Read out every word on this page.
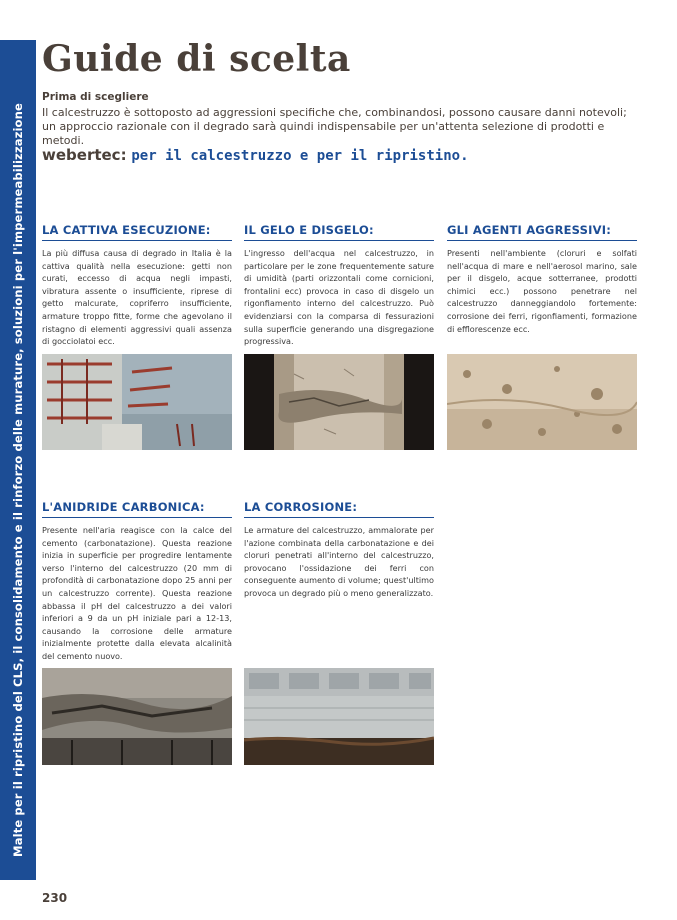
Malte per il ripristino del CLS, il consolidamento e il rinforzo delle murature, soluzioni per l'impermeabilizzazione
Guide di scelta
Prima di scegliere
Il calcestruzzo è sottoposto ad aggressioni specifiche che, combinandosi, possono causare danni notevoli; un approccio razionale con il degrado sarà quindi indispensabile per un'attenta selezione di prodotti e metodi.
webertec: per il calcestruzzo e per il ripristino.
LA CATTIVA ESECUZIONE:

La più diffusa causa di degrado in Italia è la cattiva qualità nella esecuzione: getti non curati, eccesso di acqua negli impasti, vibratura assente o insufficiente, riprese di getto malcurate, copriferro insufficiente, armature troppo fitte, forme che agevolano il ristagno di elementi aggressivi quali assenza di gocciolatoi ecc.

IL GELO E DISGELO:

L'ingresso dell'acqua nel calcestruzzo, in particolare per le zone frequentemente sature di umidità (parti orizzontali come cornicioni, frontalini ecc) provoca in caso di disgelo un rigonfiamento interno del calcestruzzo. Può evidenziarsi con la comparsa di fessurazioni sulla superficie generando una disgregazione progressiva.

GLI AGENTI AGGRESSIVI:

Presenti nell'ambiente (cloruri e solfati nell'acqua di mare e nell'aerosol marino, sale per il disgelo, acque sotterranee, prodotti chimici ecc.) possono penetrare nel calcestruzzo danneggiandolo fortemente: corrosione dei ferri, rigonfiamenti, formazione di efflorescenze ecc.

L'ANIDRIDE CARBONICA:

Presente nell'aria reagisce con la calce del cemento (carbonatazione). Questa reazione inizia in superficie per progredire lentamente verso l'interno del calcestruzzo (20 mm di profondità di carbonatazione dopo 25 anni per un calcestruzzo corrente). Questa reazione abbassa il pH del calcestruzzo a dei valori inferiori a 9 da un pH iniziale pari a 12-13, causando la corrosione delle armature inizialmente protette dalla elevata alcalinità del cemento nuovo.

LA CORROSIONE:

Le armature del calcestruzzo, ammalorate per l'azione combinata della carbonatazione e dei cloruri penetrati all'interno del calcestruzzo, provocano l'ossidazione dei ferri con conseguente aumento di volume; quest'ultimo provoca un degrado più o meno generalizzato.

230
